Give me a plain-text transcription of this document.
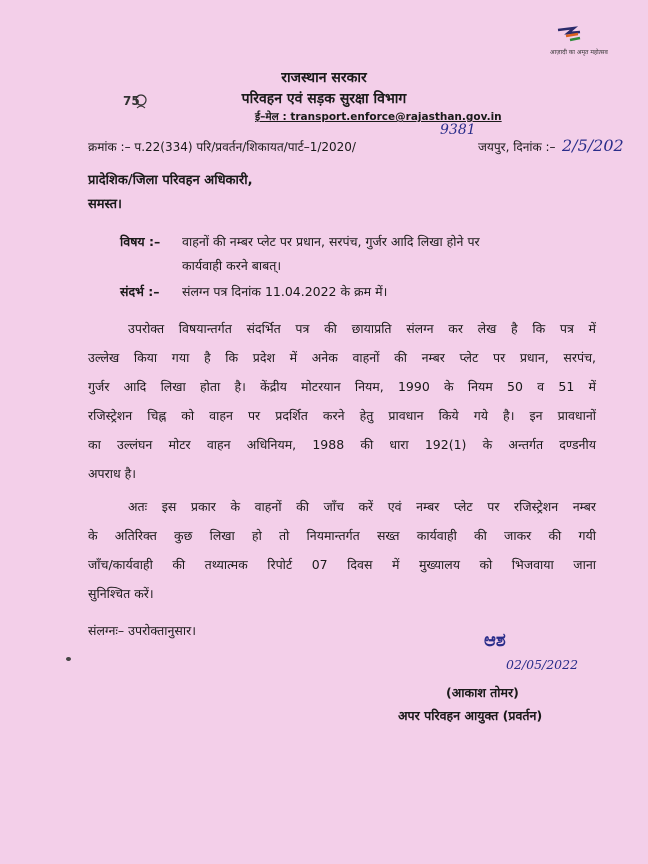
75
आज़ादी का अमृत महोत्सव
राजस्थान सरकार
परिवहन एवं सड़क सुरक्षा विभाग
ई–मेल : transport.enforce@rajasthan.gov.in
क्रमांक :– प.22(334) परि/प्रवर्तन/शिकायत/पार्ट–1/2020/
9381
जयपुर, दिनांक :– 2/5/202
प्रादेशिक/जिला परिवहन अधिकारी,
समस्त।
विषय :– वाहनों की नम्बर प्लेट पर प्रधान, सरपंच, गुर्जर आदि लिखा होने पर
कार्यवाही करने बाबत्।
संदर्भ :– संलग्न पत्र दिनांक 11.04.2022 के क्रम में।
उपरोक्त विषयान्तर्गत संदर्भित पत्र की छायाप्रति संलग्न कर लेख है कि पत्र में
उल्लेख किया गया है कि प्रदेश में अनेक वाहनों की नम्बर प्लेट पर प्रधान, सरपंच,
गुर्जर आदि लिखा होता है। केंद्रीय मोटरयान नियम, 1990 के नियम 50 व 51 में
रजिस्ट्रेशन चिह्न को वाहन पर प्रदर्शित करने हेतु प्रावधान किये गये है। इन प्रावधानों
का उल्लंघन मोटर वाहन अधिनियम, 1988 की धारा 192(1) के अन्तर्गत दण्डनीय
अपराध है।
अतः इस प्रकार के वाहनों की जाँच करें एवं नम्बर प्लेट पर रजिस्ट्रेशन नम्बर
के अतिरिक्त कुछ लिखा हो तो नियमान्तर्गत सख्त कार्यवाही की जाकर की गयी
जाँच/कार्यवाही की तथ्यात्मक रिपोर्ट 07 दिवस में मुख्यालय को भिजवाया जाना
सुनिश्चित करें।
संलग्नः– उपरोक्तानुसार।	ಆಶ
02/05/2022
(आकाश तोमर)
अपर परिवहन आयुक्त (प्रवर्तन)
